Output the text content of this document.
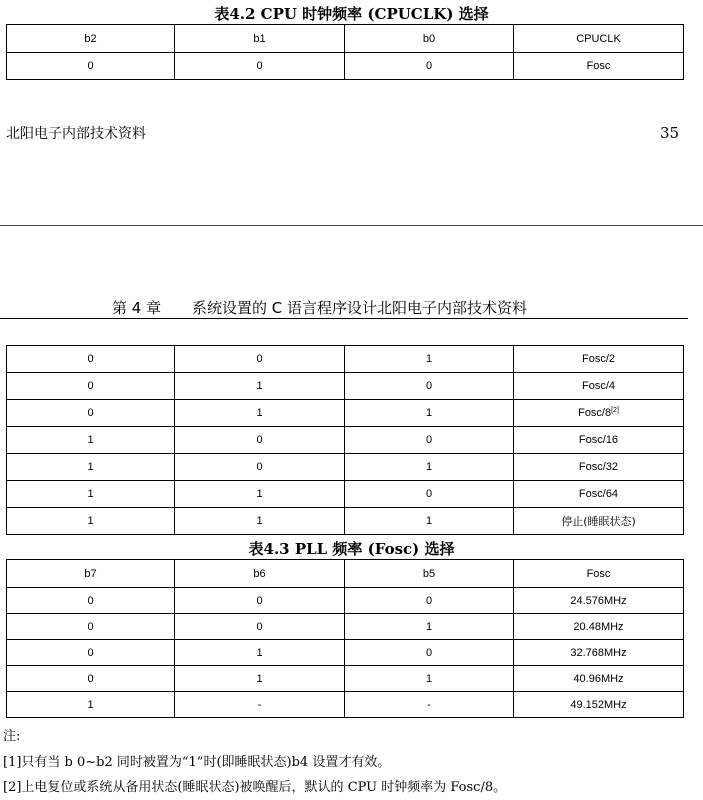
表4.2 CPU 时钟频率 (CPUCLK) 选择
b2	b1	b0	CPUCLK
0	0	0	Fosc
北阳电子内部技术资料	35
第 4 章 系统设置的 C 语言程序设计北阳电子内部技术资料
0	0	1	Fosc/2
0	1	0	Fosc/4
0	1	1	Fosc/8[2]
1	0	0	Fosc/16
1	0	1	Fosc/32
1	1	0	Fosc/64
1	1	1	停止(睡眠状态)
表4.3 PLL 频率 (Fosc) 选择
b7	b6	b5	Fosc
0	0	0	24.576MHz
0	0	1	20.48MHz
0	1	0	32.768MHz
0	1	1	40.96MHz
1	-	-	49.152MHz
注:
[1]只有当 b 0~b2 同时被置为“1”时(即睡眠状态)b4 设置才有效。
[2]上电复位或系统从备用状态(睡眠状态)被唤醒后，默认的 CPU 时钟频率为 Fosc/8。
